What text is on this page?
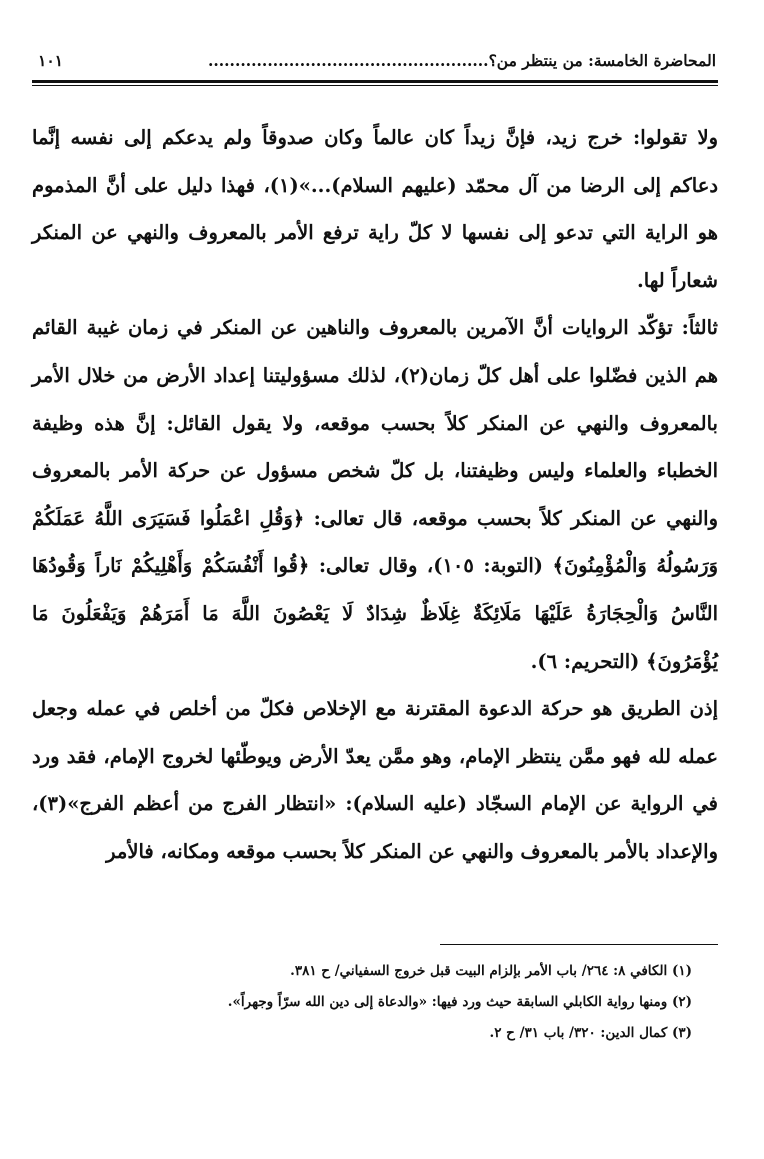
المحاضرة الخامسة: من ينتظر من؟....................................................
١٠١

ولا تقولوا: خرج زيد، فإنَّ زيداً كان عالماً وكان صدوقاً ولم يدعكم إلى نفسه إنَّما دعاكم إلى الرضا من آل محمّد (عليهم السلام)...»(١)، فهذا دليل على أنَّ المذموم هو الراية التي تدعو إلى نفسها لا كلّ راية ترفع الأمر بالمعروف والنهي عن المنكر شعاراً لها.

ثالثاً: تؤكّد الروايات أنَّ الآمرين بالمعروف والناهين عن المنكر في زمان غيبة القائم هم الذين فضّلوا على أهل كلّ زمان(٢)، لذلك مسؤوليتنا إعداد الأرض من خلال الأمر بالمعروف والنهي عن المنكر كلاً بحسب موقعه، ولا يقول القائل: إنَّ هذه وظيفة الخطباء والعلماء وليس وظيفتنا، بل كلّ شخص مسؤول عن حركة الأمر بالمعروف والنهي عن المنكر كلاً بحسب موقعه، قال تعالى: ﴿وَقُلِ اعْمَلُوا فَسَيَرَى اللَّهُ عَمَلَكُمْ وَرَسُولُهُ وَالْمُؤْمِنُونَ﴾ (التوبة: ١٠٥)، وقال تعالى: ﴿قُوا أَنْفُسَكُمْ وَأَهْلِيكُمْ نَاراً وَقُودُهَا النَّاسُ وَالْحِجَارَةُ عَلَيْهَا مَلَائِكَةٌ غِلَاظٌ شِدَادٌ لَا يَعْصُونَ اللَّهَ مَا أَمَرَهُمْ وَيَفْعَلُونَ مَا يُؤْمَرُونَ﴾ (التحريم: ٦).

إذن الطريق هو حركة الدعوة المقترنة مع الإخلاص فكلّ من أخلص في عمله وجعل عمله لله فهو ممَّن ينتظر الإمام، وهو ممَّن يعدّ الأرض ويوطّئها لخروج الإمام، فقد ورد في الرواية عن الإمام السجّاد (عليه السلام): «انتظار الفرج من أعظم الفرج»(٣)، والإعداد بالأمر بالمعروف والنهي عن المنكر كلاً بحسب موقعه ومكانه، فالأمر

(١) الكافي ٨: ٢٦٤/ باب الأمر بإلزام البيت قبل خروج السفياني/ ح ٣٨١.

(٢) ومنها رواية الكابلي السابقة حيث ورد فيها: «والدعاة إلى دين الله سرّاً وجهراً».

(٣) كمال الدين: ٣٢٠/ باب ٣١/ ح ٢.
